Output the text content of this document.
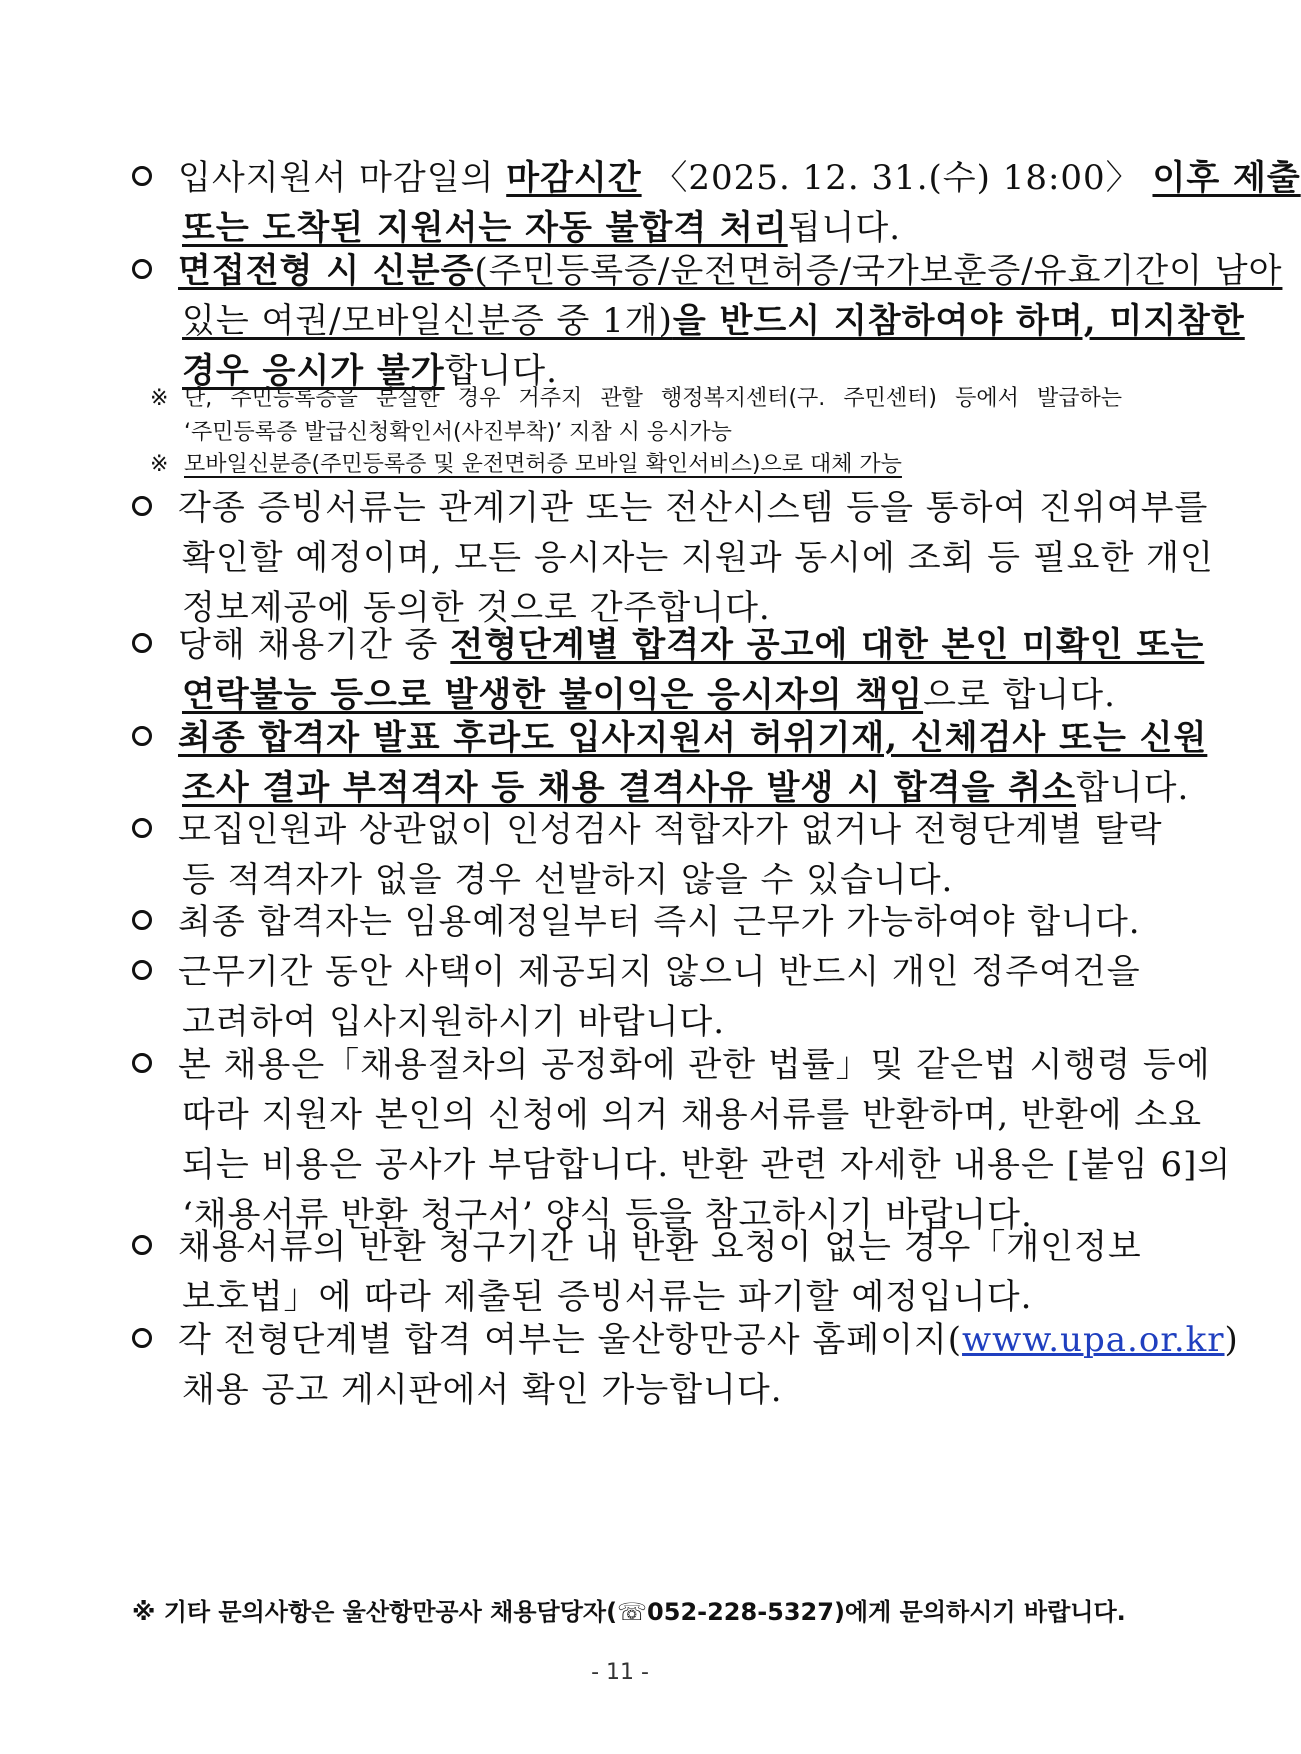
입사지원서 마감일의 마감시간 〈2025. 12. 31.(수) 18:00〉 이후 제출
또는 도착된 지원서는 자동 불합격 처리됩니다.
면접전형 시 신분증(주민등록증/운전면허증/국가보훈증/유효기간이 남아
있는 여권/모바일신분증 중 1개)을 반드시 지참하여야 하며, 미지참한
경우 응시가 불가합니다.
※ 단, 주민등록증을 분실한 경우 거주지 관할 행정복지센터(구. 주민센터) 등에서 발급하는
‘주민등록증 발급신청확인서(사진부착)’ 지참 시 응시가능
※ 모바일신분증(주민등록증 및 운전면허증 모바일 확인서비스)으로 대체 가능
각종 증빙서류는 관계기관 또는 전산시스템 등을 통하여 진위여부를
확인할 예정이며, 모든 응시자는 지원과 동시에 조회 등 필요한 개인
정보제공에 동의한 것으로 간주합니다.
당해 채용기간 중 전형단계별 합격자 공고에 대한 본인 미확인 또는
연락불능 등으로 발생한 불이익은 응시자의 책임으로 합니다.
최종 합격자 발표 후라도 입사지원서 허위기재, 신체검사 또는 신원
조사 결과 부적격자 등 채용 결격사유 발생 시 합격을 취소합니다.
모집인원과 상관없이 인성검사 적합자가 없거나 전형단계별 탈락
등 적격자가 없을 경우 선발하지 않을 수 있습니다.
최종 합격자는 임용예정일부터 즉시 근무가 가능하여야 합니다.
근무기간 동안 사택이 제공되지 않으니 반드시 개인 정주여건을
고려하여 입사지원하시기 바랍니다.
본 채용은「채용절차의 공정화에 관한 법률」및 같은법 시행령 등에
따라 지원자 본인의 신청에 의거 채용서류를 반환하며, 반환에 소요
되는 비용은 공사가 부담합니다. 반환 관련 자세한 내용은 [붙임 6]의
‘채용서류 반환 청구서’ 양식 등을 참고하시기 바랍니다.
채용서류의 반환 청구기간 내 반환 요청이 없는 경우「개인정보
보호법」에 따라 제출된 증빙서류는 파기할 예정입니다.
각 전형단계별 합격 여부는 울산항만공사 홈페이지(www.upa.or.kr)
채용 공고 게시판에서 확인 가능합니다.
※ 기타 문의사항은 울산항만공사 채용담당자(☏052-228-5327)에게 문의하시기 바랍니다.
- 11 -
